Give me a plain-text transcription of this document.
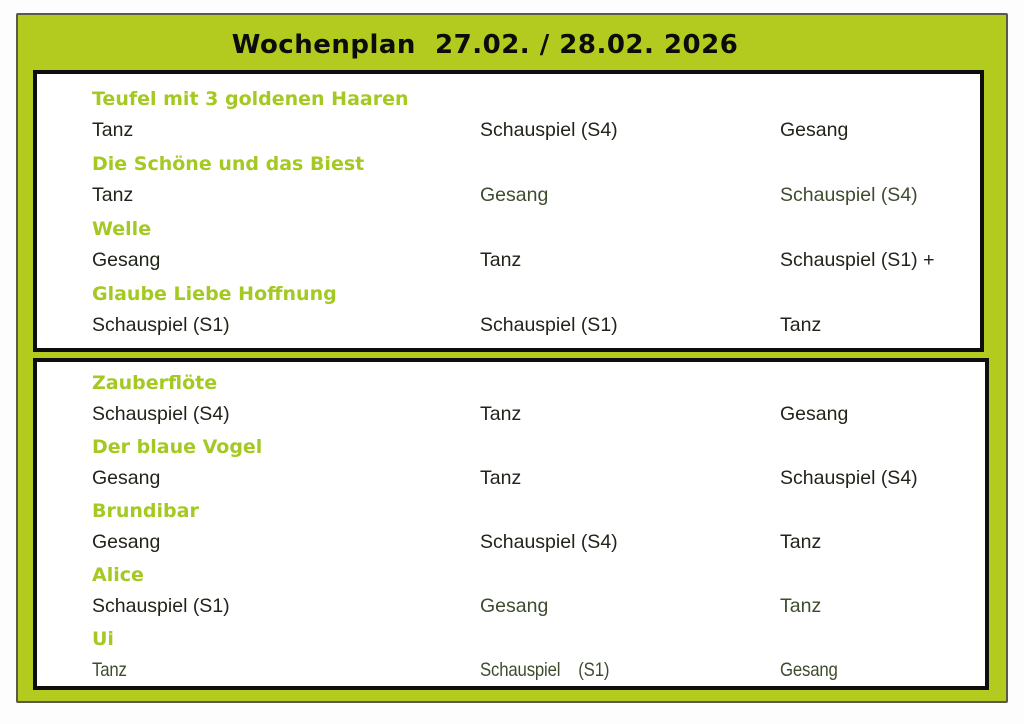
Wochenplan  27.02. / 28.02. 2026
Teufel mit 3 goldenen Haaren
Tanz	Schauspiel (S4)	Gesang
Die Schöne und das Biest
Tanz	Gesang	Schauspiel (S4)
Welle
Gesang	Tanz	Schauspiel (S1) +
Glaube Liebe Hoffnung
Schauspiel (S1)	Schauspiel (S1)	Tanz
Zauberflöte
Schauspiel (S4)	Tanz	Gesang
Der blaue Vogel
Gesang	Tanz	Schauspiel (S4)
Brundibar
Gesang	Schauspiel (S4)	Tanz
Alice
Schauspiel (S1)	Gesang	Tanz
Ui
Tanz	Schauspiel    (S1)	Gesang
